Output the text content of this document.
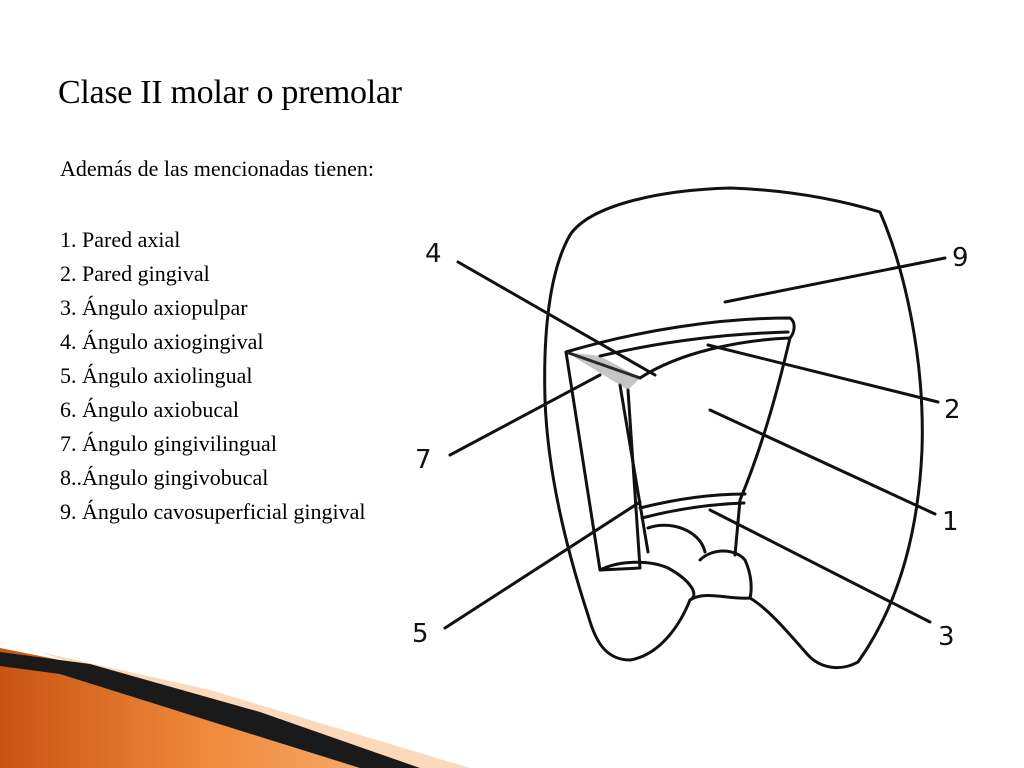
Clase II molar o premolar

Además de las mencionadas tienen:

1. Pared axial
2. Pared gingival
3. Ángulo axiopulpar
4. Ángulo axiogingival
5. Ángulo axiolingual
6. Ángulo axiobucal
7. Ángulo gingivilingual
8..Ángulo gingivobucal
9. Ángulo cavosuperficial gingival
4	9
2
7
1
5	3
